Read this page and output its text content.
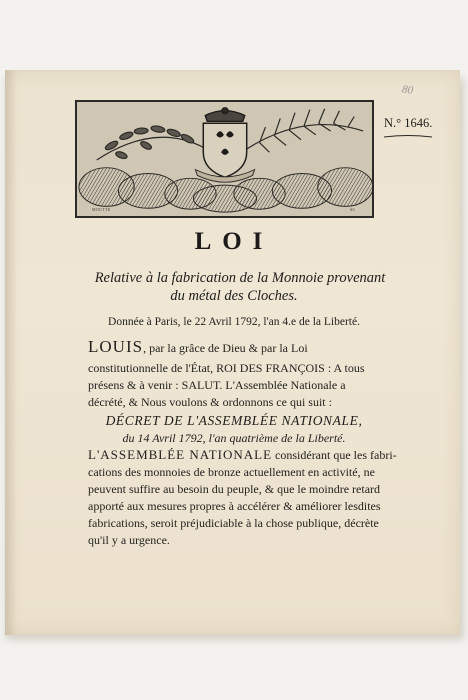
80
MOUTTE	SC
N.° 1646.
LOI
Relative à la fabrication de la Monnoie provenant
du métal des Cloches.
Donnée à Paris, le 22 Avril 1792, l'an 4.e de la Liberté.
LOUIS, par la grâce de Dieu & par la Loi
constitutionnelle de l'État, ROI DES FRANÇOIS : A tous
présens & à venir : SALUT. L'Assemblée Nationale a
décrété, & Nous voulons & ordonnons ce qui suit :
DÉCRET DE L'ASSEMBLÉE NATIONALE,
du 14 Avril 1792, l'an quatrième de la Liberté.
L'ASSEMBLÉE NATIONALE considérant que les fabri-
cations des monnoies de bronze actuellement en activité, ne
peuvent suffire au besoin du peuple, & que le moindre retard
apporté aux mesures propres à accélérer & améliorer lesdites
fabrications, seroit préjudiciable à la chose publique, décrète
qu'il y a urgence.
